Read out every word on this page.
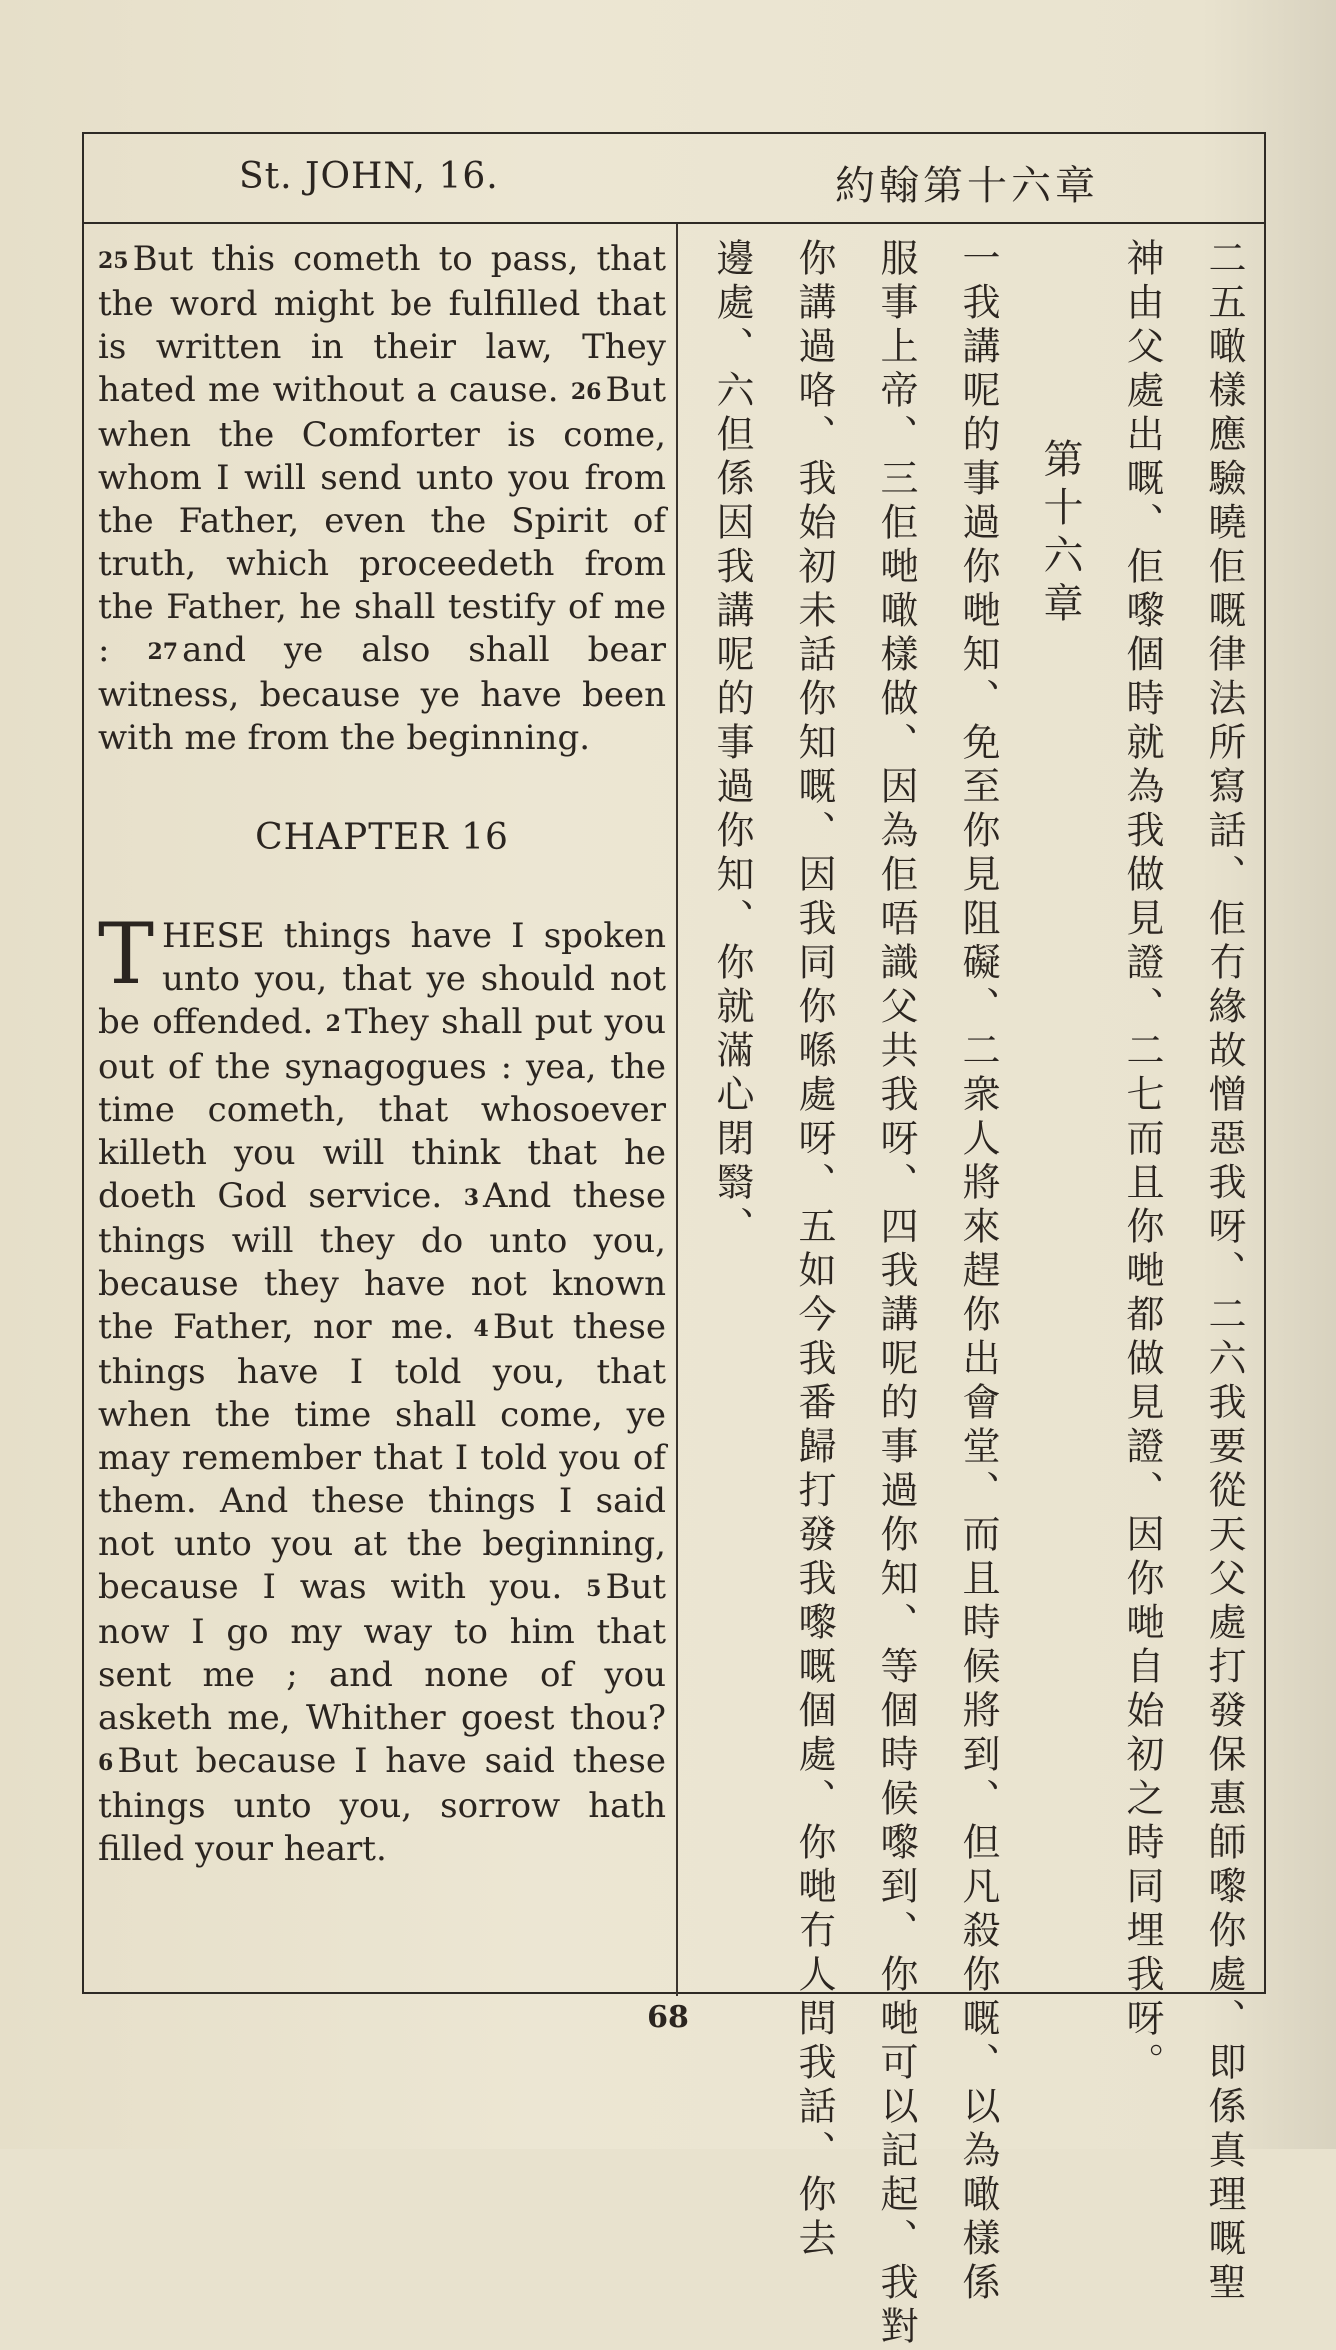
St. JOHN, 16.	約翰第十六章

25 But this cometh to pass, that the word might be fulfilled that is written in their law, They hated me without a cause. 26 But when the Comforter is come, whom I will send unto you from the Father, even the Spirit of truth, which proceedeth from the Father, he shall testify of me : 27 and ye also shall bear witness, because ye have been with me from the beginning.

CHAPTER 16

THESE things have I spoken unto you, that ye should not be offended. 2 They shall put you out of the synagogues : yea, the time cometh, that whosoever killeth you will think that he doeth God service. 3 And these things will they do unto you, because they have not known the Father, nor me. 4 But these things have I told you, that when the time shall come, ye may remember that I told you of them. And these things I said not unto you at the beginning, because I was with you. 5 But now I go my way to him that sent me ; and none of you asketh me, Whither goest thou? 6 But because I have said these things unto you, sorrow hath filled your heart.	二五噉樣應驗曉佢嘅律法所寫話、佢冇緣故憎惡我呀、二六我要從天父處打發保惠師嚟你處、即係真理嘅聖
神由父處出嘅、佢嚟個時就為我做見證、二七而且你哋都做見證、因你哋自始初之時同埋我呀。
第十六章
一我講呢的事過你哋知、免至你見阻礙、二衆人將來趕你出會堂、而且時候將到、但凡殺你嘅、以為噉樣係
服事上帝、三佢哋噉樣做、因為佢唔識父共我呀、四我講呢的事過你知、等個時候嚟到、你哋可以記起、我對
你講過咯、我始初未話你知嘅、因我同你喺處呀、五如今我番歸打發我嚟嘅個處、你哋冇人問我話、你去
邊處、六但係因我講呢的事過你知、你就滿心閉翳、
68
